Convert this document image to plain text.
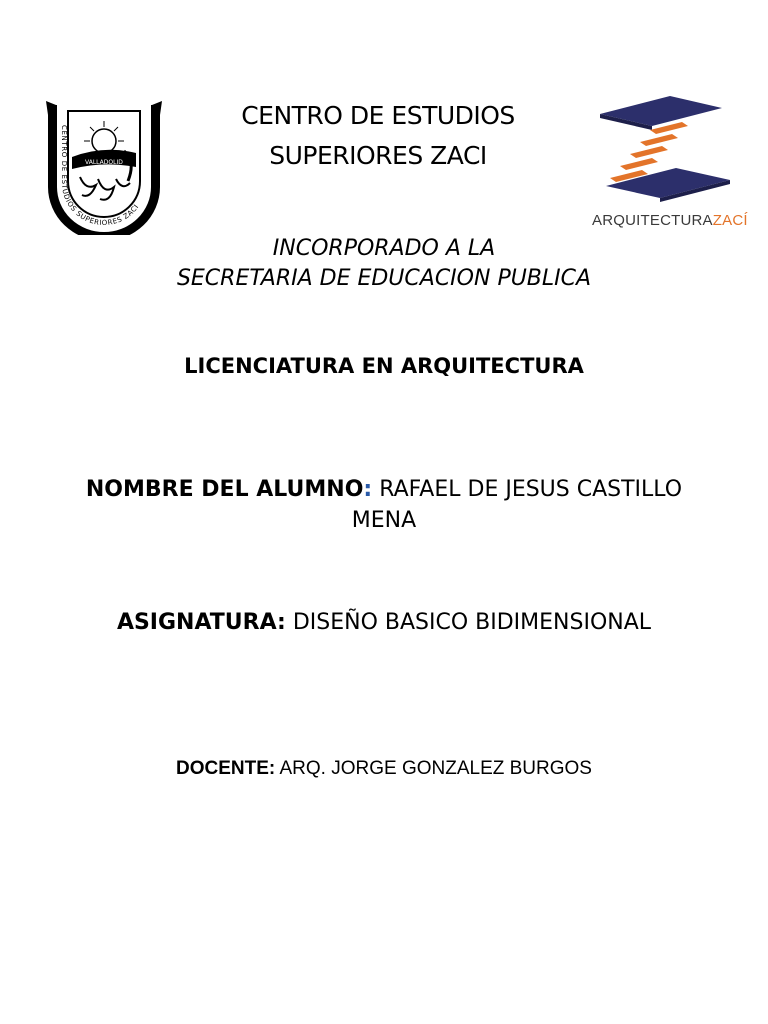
CENTRO DE ESTUDIOS SUPERIORES ZACI
VALLADOLID
CENTRO DE ESTUDIOS
SUPERIORES ZACI
ARQUITECTURAZACÍ
INCORPORADO A LA
SECRETARIA DE EDUCACION PUBLICA
LICENCIATURA EN ARQUITECTURA
NOMBRE DEL ALUMNO: RAFAEL DE JESUS CASTILLO MENA
ASIGNATURA: DISEÑO BASICO BIDIMENSIONAL
DOCENTE: ARQ. JORGE GONZALEZ BURGOS
